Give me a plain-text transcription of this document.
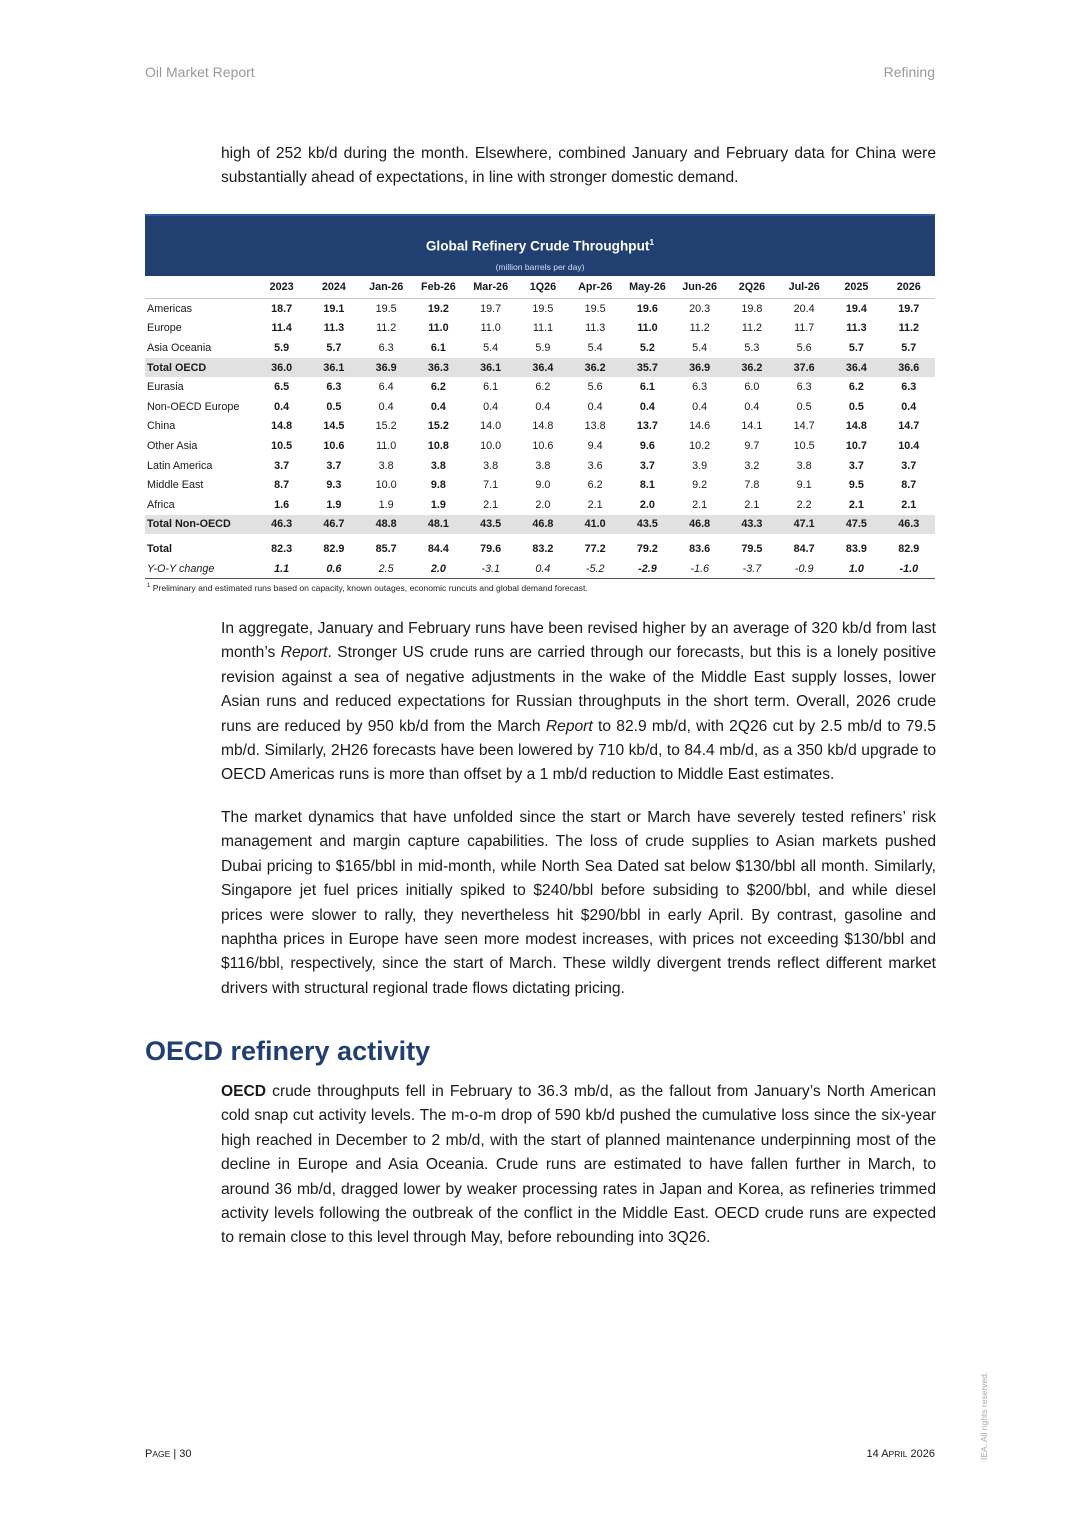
Oil Market Report	Refining

high of 252 kb/d during the month. Elsewhere, combined January and February data for China were substantially ahead of expectations, in line with stronger domestic demand.

Global Refinery Crude Throughput$^1$
(million barrels per day)
	2023	2024	Jan-26	Feb-26	Mar-26	1Q26	Apr-26	May-26	Jun-26	2Q26	Jul-26	2025	2026
Americas	18.7	19.1	19.5	19.2	19.7	19.5	19.5	19.6	20.3	19.8	20.4	19.4	19.7
Europe	11.4	11.3	11.2	11.0	11.0	11.1	11.3	11.0	11.2	11.2	11.7	11.3	11.2
Asia Oceania	5.9	5.7	6.3	6.1	5.4	5.9	5.4	5.2	5.4	5.3	5.6	5.7	5.7
Total OECD	36.0	36.1	36.9	36.3	36.1	36.4	36.2	35.7	36.9	36.2	37.6	36.4	36.6
Eurasia	6.5	6.3	6.4	6.2	6.1	6.2	5.6	6.1	6.3	6.0	6.3	6.2	6.3
Non-OECD Europe	0.4	0.5	0.4	0.4	0.4	0.4	0.4	0.4	0.4	0.4	0.5	0.5	0.4
China	14.8	14.5	15.2	15.2	14.0	14.8	13.8	13.7	14.6	14.1	14.7	14.8	14.7
Other Asia	10.5	10.6	11.0	10.8	10.0	10.6	9.4	9.6	10.2	9.7	10.5	10.7	10.4
Latin America	3.7	3.7	3.8	3.8	3.8	3.8	3.6	3.7	3.9	3.2	3.8	3.7	3.7
Middle East	8.7	9.3	10.0	9.8	7.1	9.0	6.2	8.1	9.2	7.8	9.1	9.5	8.7
Africa	1.6	1.9	1.9	1.9	2.1	2.0	2.1	2.0	2.1	2.1	2.2	2.1	2.1
Total Non-OECD	46.3	46.7	48.8	48.1	43.5	46.8	41.0	43.5	46.8	43.3	47.1	47.5	46.3
Total	82.3	82.9	85.7	84.4	79.6	83.2	77.2	79.2	83.6	79.5	84.7	83.9	82.9
Y-O-Y change	1.1	0.6	2.5	2.0	-3.1	0.4	-5.2	-2.9	-1.6	-3.7	-0.9	1.0	-1.0
$^1$ Preliminary and estimated runs based on capacity, known outages, economic runcuts and global demand forecast.

In aggregate, January and February runs have been revised higher by an average of 320 kb/d from last month’s Report. Stronger US crude runs are carried through our forecasts, but this is a lonely positive revision against a sea of negative adjustments in the wake of the Middle East supply losses, lower Asian runs and reduced expectations for Russian throughputs in the short term. Overall, 2026 crude runs are reduced by 950 kb/d from the March Report to 82.9 mb/d, with 2Q26 cut by 2.5 mb/d to 79.5 mb/d. Similarly, 2H26 forecasts have been lowered by 710 kb/d, to 84.4 mb/d, as a 350 kb/d upgrade to OECD Americas runs is more than offset by a 1 mb/d reduction to Middle East estimates.

The market dynamics that have unfolded since the start or March have severely tested refiners’ risk management and margin capture capabilities. The loss of crude supplies to Asian markets pushed Dubai pricing to $165/bbl in mid-month, while North Sea Dated sat below $130/bbl all month. Similarly, Singapore jet fuel prices initially spiked to $240/bbl before subsiding to $200/bbl, and while diesel prices were slower to rally, they nevertheless hit $290/bbl in early April. By contrast, gasoline and naphtha prices in Europe have seen more modest increases, with prices not exceeding $130/bbl and $116/bbl, respectively, since the start of March. These wildly divergent trends reflect different market drivers with structural regional trade flows dictating pricing.

OECD refinery activity

OECD crude throughputs fell in February to 36.3 mb/d, as the fallout from January’s North American cold snap cut activity levels. The m-o-m drop of 590 kb/d pushed the cumulative loss since the six-year high reached in December to 2 mb/d, with the start of planned maintenance underpinning most of the decline in Europe and Asia Oceania. Crude runs are estimated to have fallen further in March, to around 36 mb/d, dragged lower by weaker processing rates in Japan and Korea, as refineries trimmed activity levels following the outbreak of the conflict in the Middle East. OECD crude runs are expected to remain close to this level through May, before rebounding into 3Q26.

PAGE | 30	14 APRIL 2026	IEA. All rights reserved.
